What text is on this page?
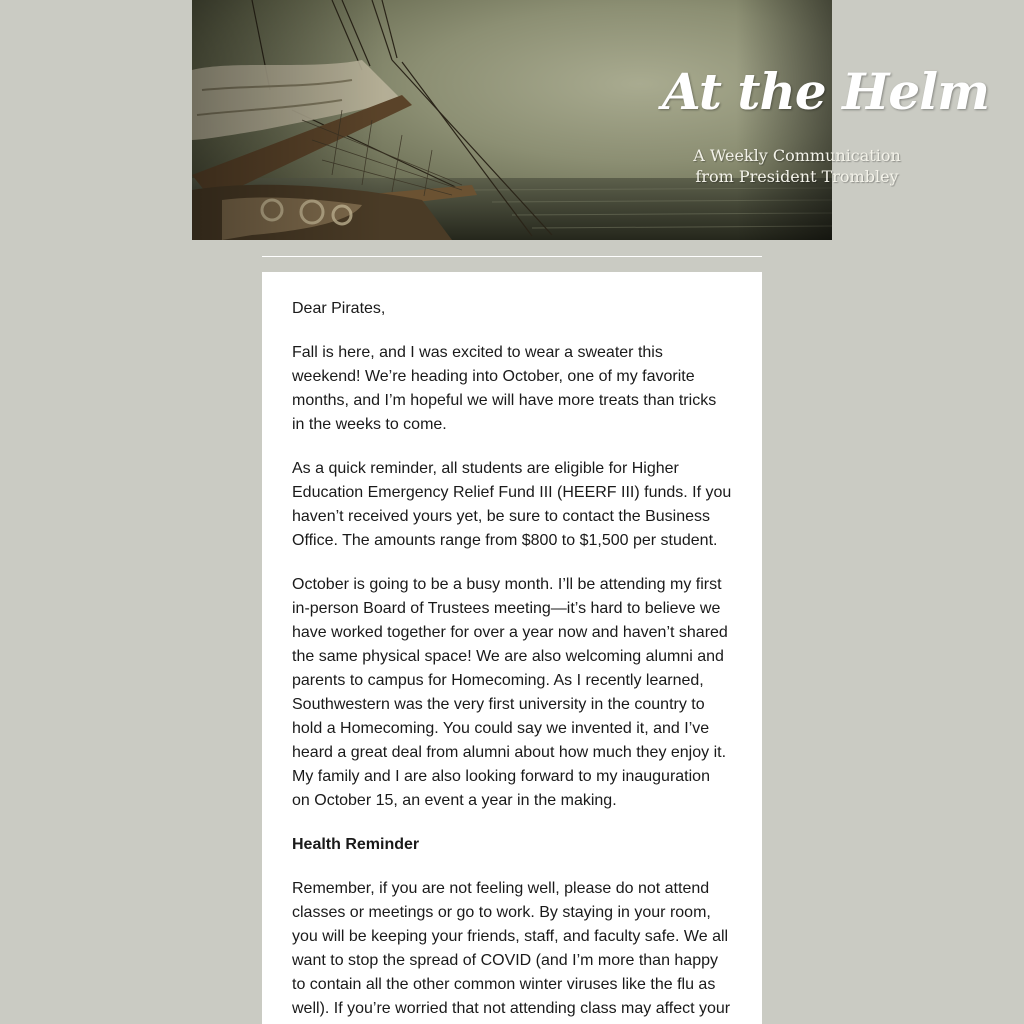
At the Helm
A Weekly Communication
from President Trombley

Dear Pirates,

Fall is here, and I was excited to wear a sweater this weekend! We’re heading into October, one of my favorite months, and I’m hopeful we will have more treats than tricks in the weeks to come.

As a quick reminder, all students are eligible for Higher Education Emergency Relief Fund III (HEERF III) funds. If you haven’t received yours yet, be sure to contact the Business Office. The amounts range from $800 to $1,500 per student.

October is going to be a busy month. I’ll be attending my first in-person Board of Trustees meeting—it’s hard to believe we have worked together for over a year now and haven’t shared the same physical space! We are also welcoming alumni and parents to campus for Homecoming. As I recently learned, Southwestern was the very first university in the country to hold a Homecoming. You could say we invented it, and I’ve heard a great deal from alumni about how much they enjoy it. My family and I are also looking forward to my inauguration on October 15, an event a year in the making.

Health Reminder

Remember, if you are not feeling well, please do not attend classes or meetings or go to work. By staying in your room, you will be keeping your friends, staff, and faculty safe. We all want to stop the spread of COVID (and I’m more than happy to contain all the other common winter viruses like the flu as well). If you’re worried that not attending class may affect your
